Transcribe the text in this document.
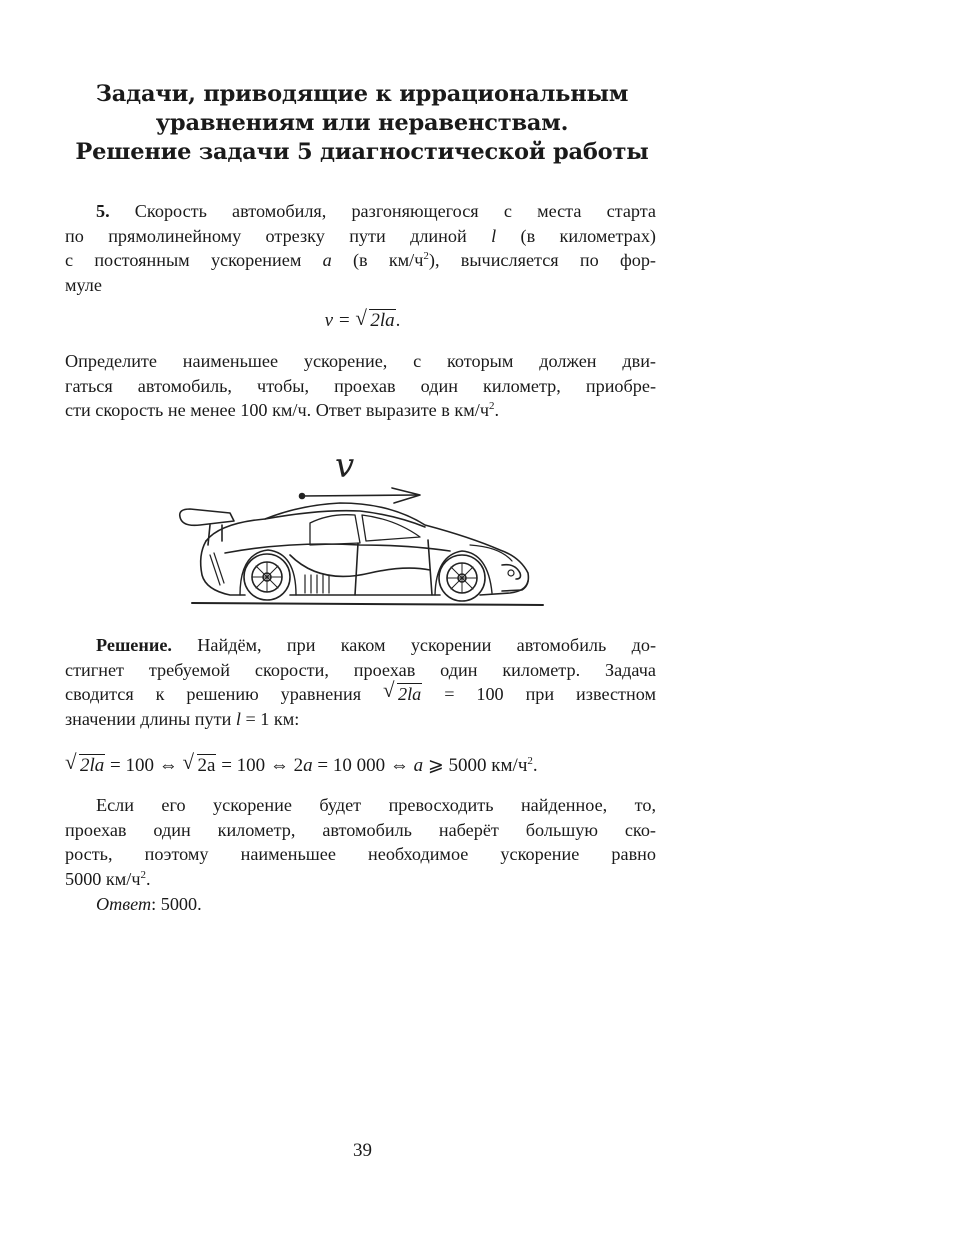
Задачи, приводящие к иррациональным
уравнениям или неравенствам.
Решение задачи 5 диагностической работы
5. Скорость автомобиля, разгоняющегося с места старта
по прямолинейному отрезку пути длиной l (в километрах)
с постоянным ускорением a (в $км/ч^2$), вычисляется по фор-
муле
v = √ 2la.
Определите наименьшее ускорение, с которым должен дви-
гаться автомобиль, чтобы, проехав один километр, приобре-
сти скорость не менее 100 км/ч. Ответ выразите в $км/ч^2$.
v
Решение. Найдём, при каком ускорении автомобиль до-
стигнет требуемой скорости, проехав один километр. Задача
сводится к решению уравнения √ 2la = 100 при известном
значении длины пути l = 1 км:
√ 2la = 100 ⇔ √ 2a = 100 ⇔ 2a = 10 000 ⇔ a ⩾ 5000 $км/ч^2$.
Если его ускорение будет превосходить найденное, то,
проехав один километр, автомобиль наберёт большую ско-
рость, поэтому наименьшее необходимое ускорение равно
5000 $км/ч^2$.
Ответ: 5000.
39
